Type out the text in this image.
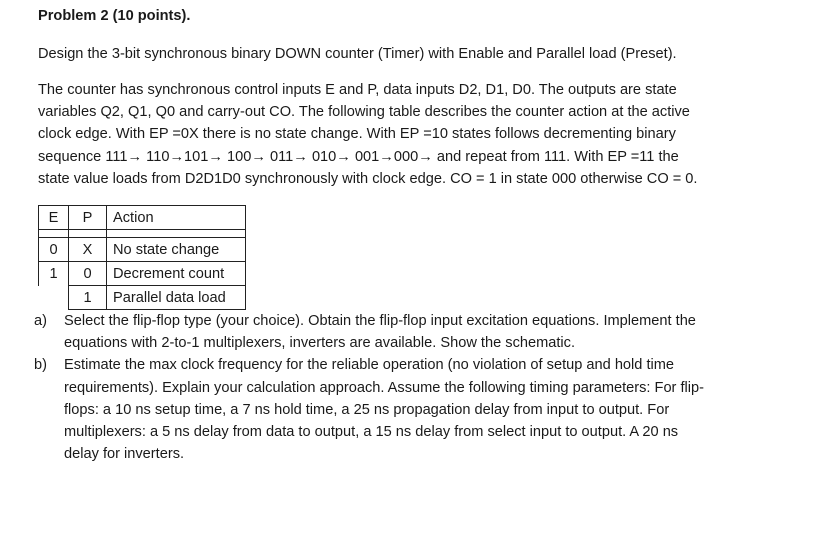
Problem 2 (10 points).

Design the 3-bit synchronous binary DOWN counter (Timer) with Enable and Parallel load (Preset).

The counter has synchronous control inputs E and P, data inputs D2, D1, D0. The outputs are state
variables Q2, Q1, Q0 and carry-out CO. The following table describes the counter action at the active
clock edge. With EP =0X there is no state change. With EP =10 states follows decrementing binary
sequence 111→ 110→101→ 100→ 011→ 010→ 001→000→ and repeat from 111. With EP =11 the
state value loads from D2D1D0 synchronously with clock edge. CO = 1 in state 000 otherwise CO = 0.
E	P	Action

0	X	No state change
1	0	Decrement count
	1	Parallel data load
a) Select the flip-flop type (your choice). Obtain the flip-flop input excitation equations. Implement the
equations with 2-to-1 multiplexers, inverters are available. Show the schematic.
b) Estimate the max clock frequency for the reliable operation (no violation of setup and hold time
requirements). Explain your calculation approach. Assume the following timing parameters: For flip-
flops: a 10 ns setup time, a 7 ns hold time, a 25 ns propagation delay from input to output. For
multiplexers: a 5 ns delay from data to output, a 15 ns delay from select input to output. A 20 ns
delay for inverters.
